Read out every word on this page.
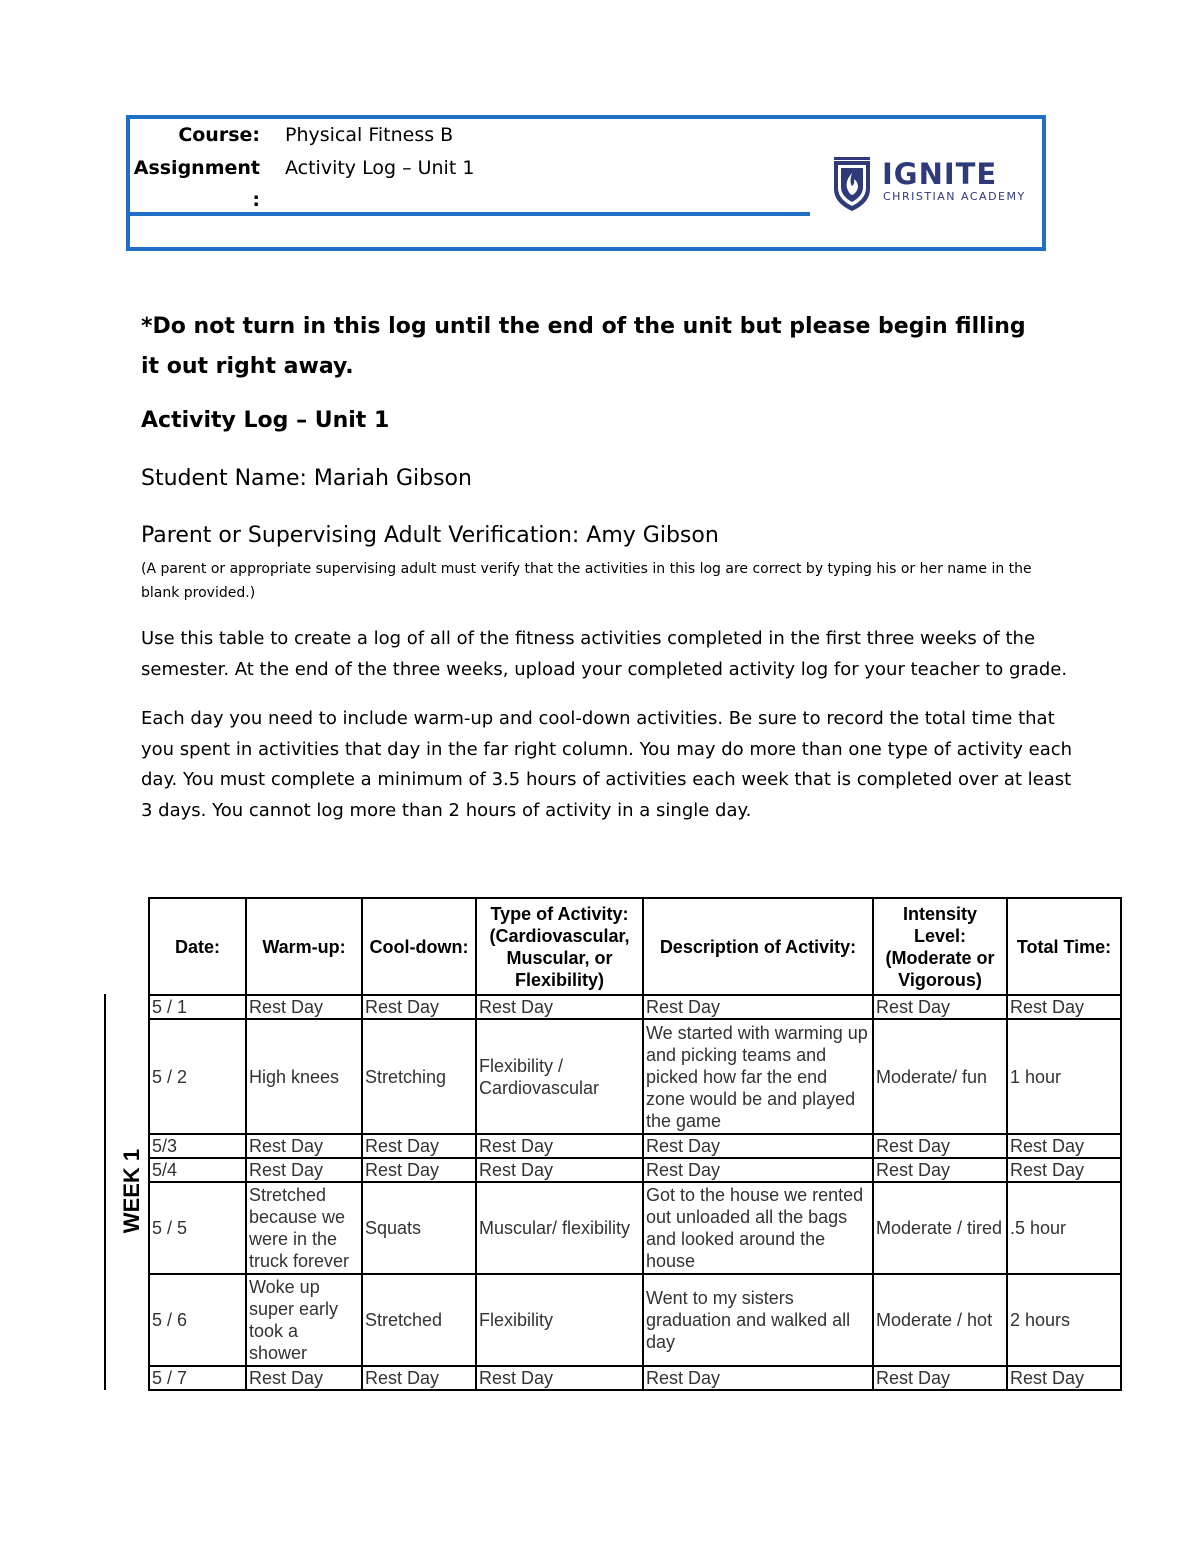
Course: Physical Fitness B
Assignment
:
Activity Log – Unit 1	IGNITE
CHRISTIAN ACADEMY
*Do not turn in this log until the end of the unit but please begin filling it out right away.
Activity Log – Unit 1
Student Name: Mariah Gibson
Parent or Supervising Adult Verification: Amy Gibson
(A parent or appropriate supervising adult must verify that the activities in this log are correct by typing his or her name in the blank provided.)
Use this table to create a log of all of the fitness activities completed in the first three weeks of the semester. At the end of the three weeks, upload your completed activity log for your teacher to grade.
Each day you need to include warm-up and cool-down activities. Be sure to record the total time that you spent in activities that day in the far right column. You may do more than one type of activity each day. You must complete a minimum of 3.5 hours of activities each week that is completed over at least 3 days. You cannot log more than 2 hours of activity in a single day.
WEEK 1
Date:	Warm-up:	Cool-down:	Type of Activity: (Cardiovascular, Muscular, or Flexibility)	Description of Activity:	Intensity Level: (Moderate or Vigorous)	Total Time:
5 / 1	Rest Day	Rest Day	Rest Day	Rest Day	Rest Day	Rest Day
5 / 2	High knees	Stretching	Flexibility / Cardiovascular	We started with warming up and picking teams and picked how far the end zone would be and played the game	Moderate/ fun	1 hour
5/3	Rest Day	Rest Day	Rest Day	Rest Day	Rest Day	Rest Day
5/4	Rest Day	Rest Day	Rest Day	Rest Day	Rest Day	Rest Day
5 / 5	Stretched because we were in the truck forever	Squats	Muscular/ flexibility	Got to the house we rented out unloaded all the bags and looked around the house	Moderate / tired	.5 hour
5 / 6	Woke up super early took a shower	Stretched	Flexibility	Went to my sisters graduation and walked all day	Moderate / hot	2 hours
5 / 7	Rest Day	Rest Day	Rest Day	Rest Day	Rest Day	Rest Day
